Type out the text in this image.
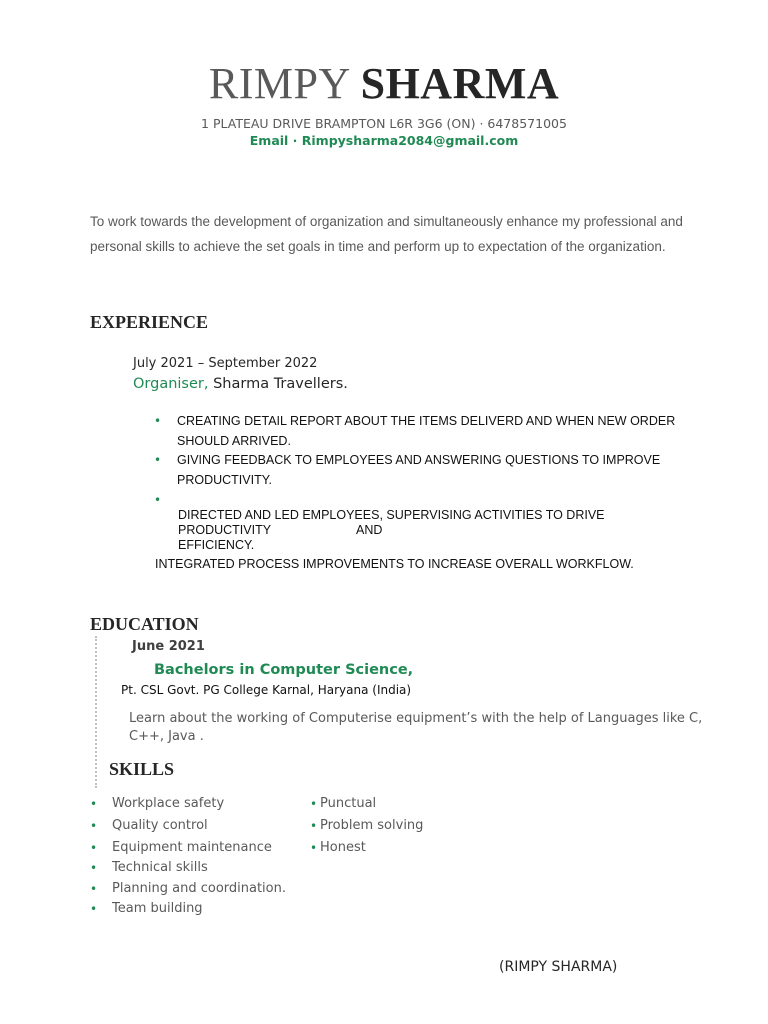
RIMPY SHARMA
1 PLATEAU DRIVE BRAMPTON L6R 3G6 (ON) · 6478571005
Email · Rimpysharma2084@gmail.com
To work towards the development of organization and simultaneously enhance my professional and personal skills to achieve the set goals in time and perform up to expectation of the organization.
EXPERIENCE
July 2021 – September 2022
Organiser, Sharma Travellers.
• CREATING DETAIL REPORT ABOUT THE ITEMS DELIVERD AND WHEN NEW ORDER SHOULD ARRIVED.
• GIVING FEEDBACK TO EMPLOYEES AND ANSWERING QUESTIONS TO IMPROVE PRODUCTIVITY.
•
DIRECTED AND LED EMPLOYEES, SUPERVISING ACTIVITIES TO DRIVE
PRODUCTIVITY	AND
EFFICIENCY.
INTEGRATED PROCESS IMPROVEMENTS TO INCREASE OVERALL WORKFLOW.
EDUCATION
June 2021
Bachelors in Computer Science,
Pt. CSL Govt. PG College Karnal, Haryana (India)
Learn about the working of Computerise equipment’s with the help of Languages like C, C++, Java .
SKILLS
• Workplace safety
• Quality control
• Equipment maintenance
• Technical skills
• Planning and coordination.
• Team building
• Punctual
• Problem solving
• Honest
(RIMPY SHARMA)
